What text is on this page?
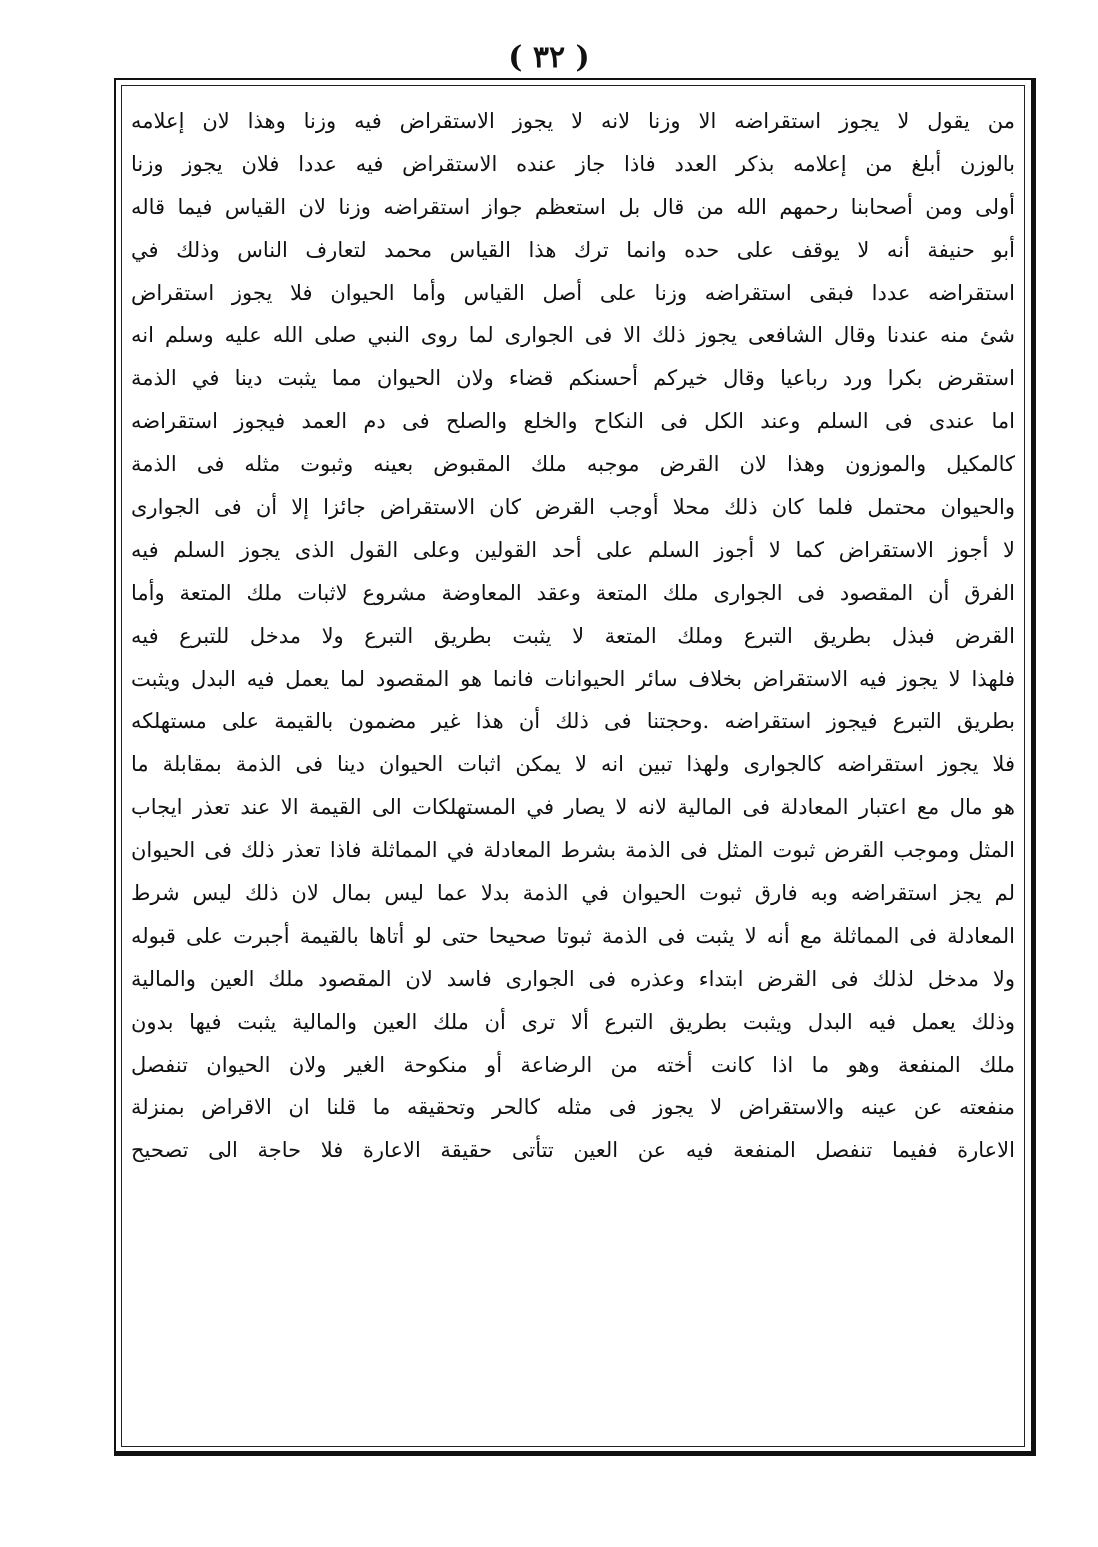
( ٣٢ )
من يقول لا يجوز استقراضه الا وزنا لانه لا يجوز الاستقراض فيه وزنا وهذا لان إعلامه
بالوزن أبلغ من إعلامه بذكر العدد فاذا جاز عنده الاستقراض فيه عددا فلان يجوز وزنا
أولى ومن أصحابنا رحمهم الله من قال بل استعظم جواز استقراضه وزنا لان القياس فيما قاله
أبو حنيفة أنه لا يوقف على حده وانما ترك هذا القياس محمد لتعارف الناس وذلك في
استقراضه عددا فبقى استقراضه وزنا على أصل القياس وأما الحيوان فلا يجوز استقراض
شئ منه عندنا وقال الشافعى يجوز ذلك الا فى الجوارى لما روى النبي صلى الله عليه وسلم انه
استقرض بكرا ورد رباعيا وقال خيركم أحسنكم قضاء ولان الحيوان مما يثبت دينا في الذمة
اما عندى فى السلم وعند الكل فى النكاح والخلع والصلح فى دم العمد فيجوز استقراضه
كالمكيل والموزون وهذا لان القرض موجبه ملك المقبوض بعينه وثبوت مثله فى الذمة
والحيوان محتمل فلما كان ذلك محلا أوجب القرض كان الاستقراض جائزا إلا أن فى الجوارى
لا أجوز الاستقراض كما لا أجوز السلم على أحد القولين وعلى القول الذى يجوز السلم فيه
الفرق أن المقصود فى الجوارى ملك المتعة وعقد المعاوضة مشروع لاثبات ملك المتعة وأما
القرض فبذل بطريق التبرع وملك المتعة لا يثبت بطريق التبرع ولا مدخل للتبرع فيه
فلهذا لا يجوز فيه الاستقراض بخلاف سائر الحيوانات فانما هو المقصود لما يعمل فيه البدل ويثبت
بطريق التبرع فيجوز استقراضه .وحجتنا فى ذلك أن هذا غير مضمون بالقيمة على مستهلكه
فلا يجوز استقراضه كالجوارى ولهذا تبين انه لا يمكن اثبات الحيوان دينا فى الذمة بمقابلة ما
هو مال مع اعتبار المعادلة فى المالية لانه لا يصار في المستهلكات الى القيمة الا عند تعذر ايجاب
المثل وموجب القرض ثبوت المثل فى الذمة بشرط المعادلة في المماثلة فاذا تعذر ذلك فى الحيوان
لم يجز استقراضه وبه فارق ثبوت الحيوان في الذمة بدلا عما ليس بمال لان ذلك ليس شرط
المعادلة فى المماثلة مع أنه لا يثبت فى الذمة ثبوتا صحيحا حتى لو أتاها بالقيمة أجبرت على قبوله
ولا مدخل لذلك فى القرض ابتداء وعذره فى الجوارى فاسد لان المقصود ملك العين والمالية
وذلك يعمل فيه البدل ويثبت بطريق التبرع ألا ترى أن ملك العين والمالية يثبت فيها بدون
ملك المنفعة وهو ما اذا كانت أخته من الرضاعة أو منكوحة الغير ولان الحيوان تنفصل
منفعته عن عينه والاستقراض لا يجوز فى مثله كالحر وتحقيقه ما قلنا ان الاقراض بمنزلة
الاعارة ففيما تنفصل المنفعة فيه عن العين تتأتى حقيقة الاعارة فلا حاجة الى تصحيح
